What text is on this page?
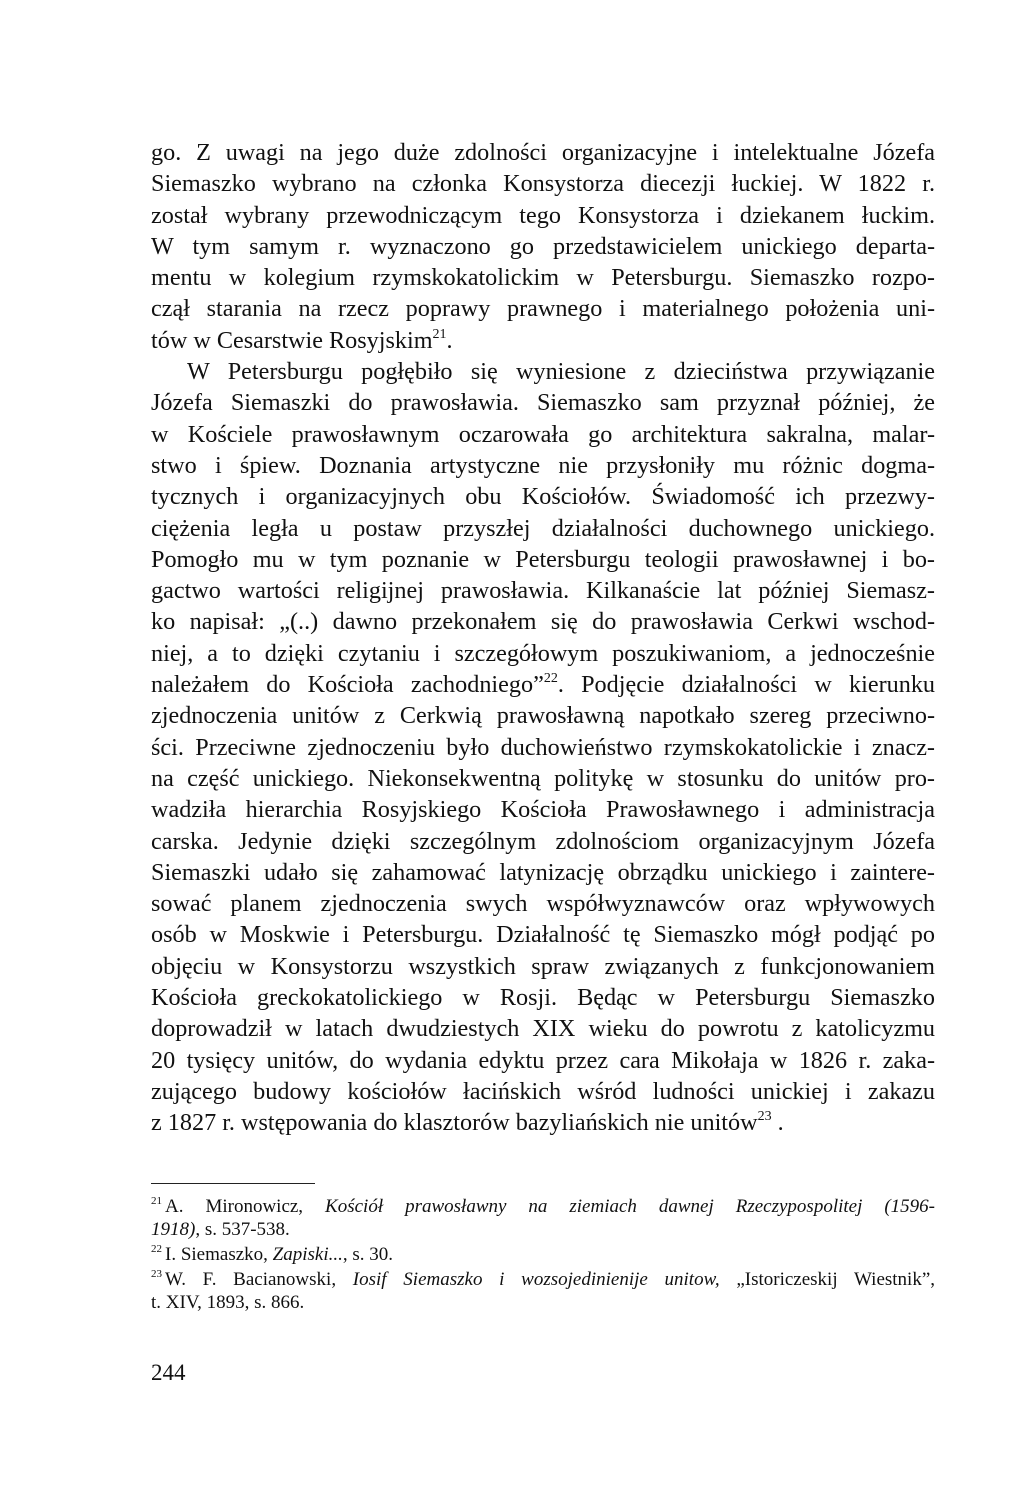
go. Z uwagi na jego duże zdolności organizacyjne i intelektualne Józefa
Siemaszko wybrano na członka Konsystorza diecezji łuckiej. W 1822 r.
został wybrany przewodniczącym tego Konsystorza i dziekanem łuckim.
W tym samym r. wyznaczono go przedstawicielem unickiego departa-
mentu w kolegium rzymskokatolickim w Petersburgu. Siemaszko rozpo-
czął starania na rzecz poprawy prawnego i materialnego położenia uni-
tów w Cesarstwie Rosyjskim$^{21}$.
W Petersburgu pogłębiło się wyniesione z dzieciństwa przywiązanie
Józefa Siemaszki do prawosławia. Siemaszko sam przyznał później, że
w Kościele prawosławnym oczarowała go architektura sakralna, malar-
stwo i śpiew. Doznania artystyczne nie przysłoniły mu różnic dogma-
tycznych i organizacyjnych obu Kościołów. Świadomość ich przezwy-
ciężenia legła u postaw przyszłej działalności duchownego unickiego.
Pomogło mu w tym poznanie w Petersburgu teologii prawosławnej i bo-
gactwo wartości religijnej prawosławia. Kilkanaście lat później Siemasz-
ko napisał: „(..) dawno przekonałem się do prawosławia Cerkwi wschod-
niej, a to dzięki czytaniu i szczegółowym poszukiwaniom, a jednocześnie
należałem do Kościoła zachodniego”$^{22}$. Podjęcie działalności w kierunku
zjednoczenia unitów z Cerkwią prawosławną napotkało szereg przeciwno-
ści. Przeciwne zjednoczeniu było duchowieństwo rzymskokatolickie i znacz-
na część unickiego. Niekonsekwentną politykę w stosunku do unitów pro-
wadziła hierarchia Rosyjskiego Kościoła Prawosławnego i administracja
carska. Jedynie dzięki szczególnym zdolnościom organizacyjnym Józefa
Siemaszki udało się zahamować latynizację obrządku unickiego i zaintere-
sować planem zjednoczenia swych współwyznawców oraz wpływowych
osób w Moskwie i Petersburgu. Działalność tę Siemaszko mógł podjąć po
objęciu w Konsystorzu wszystkich spraw związanych z funkcjonowaniem
Kościoła greckokatolickiego w Rosji. Będąc w Petersburgu Siemaszko
doprowadził w latach dwudziestych XIX wieku do powrotu z katolicyzmu
20 tysięcy unitów, do wydania edyktu przez cara Mikołaja w 1826 r. zaka-
zującego budowy kościołów łacińskich wśród ludności unickiej i zakazu
z 1827 r. wstępowania do klasztorów bazyliańskich nie unitów$^{23}$ .
$^{21}$ A. Mironowicz, Kościół prawosławny na ziemiach dawnej Rzeczypospolitej (1596-
1918), s. 537-538.
$^{22}$ I. Siemaszko, Zapiski..., s. 30.
$^{23}$ W. F. Bacianowski, Iosif Siemaszko i wozsojedinienije unitow, „Istoriczeskij Wiestnik”,
t. XIV, 1893, s. 866.
244
